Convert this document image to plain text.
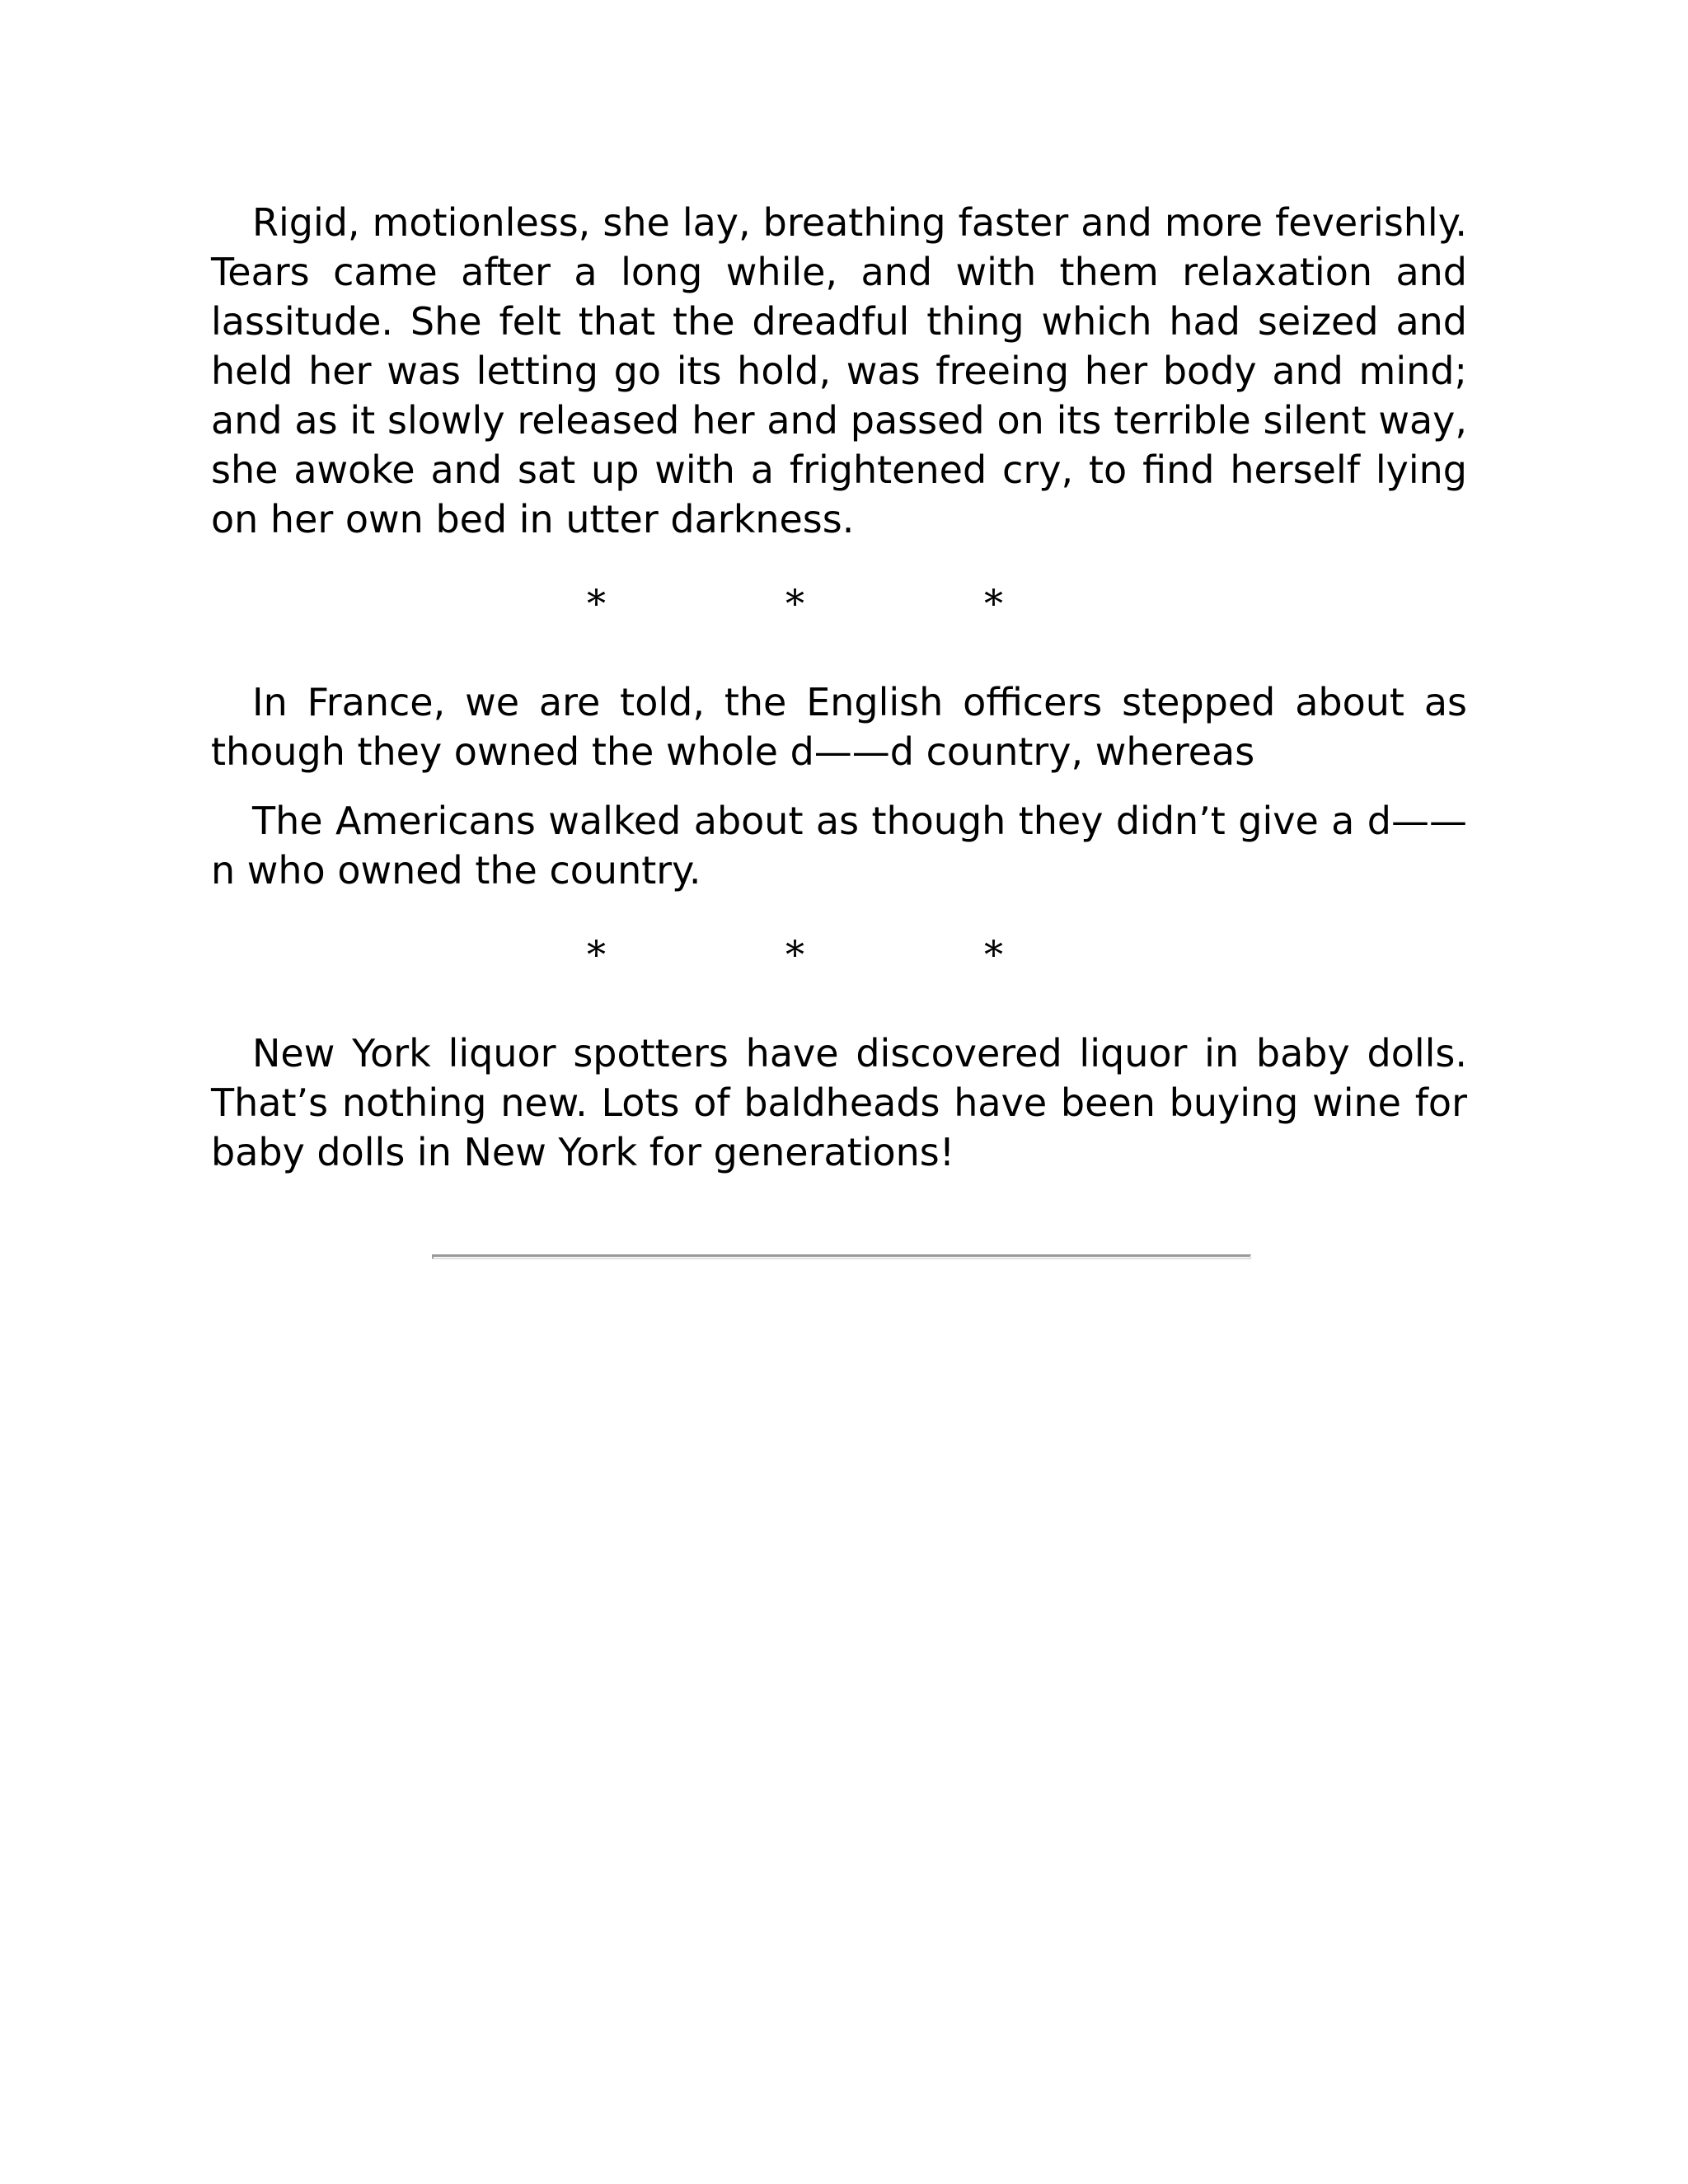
Rigid, motionless, she lay, breathing faster and more feverishly. Tears came after a long while, and with them relaxation and lassitude. She felt that the dreadful thing which had seized and held her was letting go its hold, was freeing her body and mind; and as it slowly released her and passed on its terrible silent way, she awoke and sat up with a frightened cry, to find herself lying on her own bed in utter darkness.

*	*	*

In France, we are told, the English officers stepped about as though they owned the whole d——d country, whereas

The Americans walked about as though they didn’t give a d——n who owned the country.

*	*	*

New York liquor spotters have discovered liquor in baby dolls. That’s nothing new. Lots of baldheads have been buying wine for baby dolls in New York for generations!
